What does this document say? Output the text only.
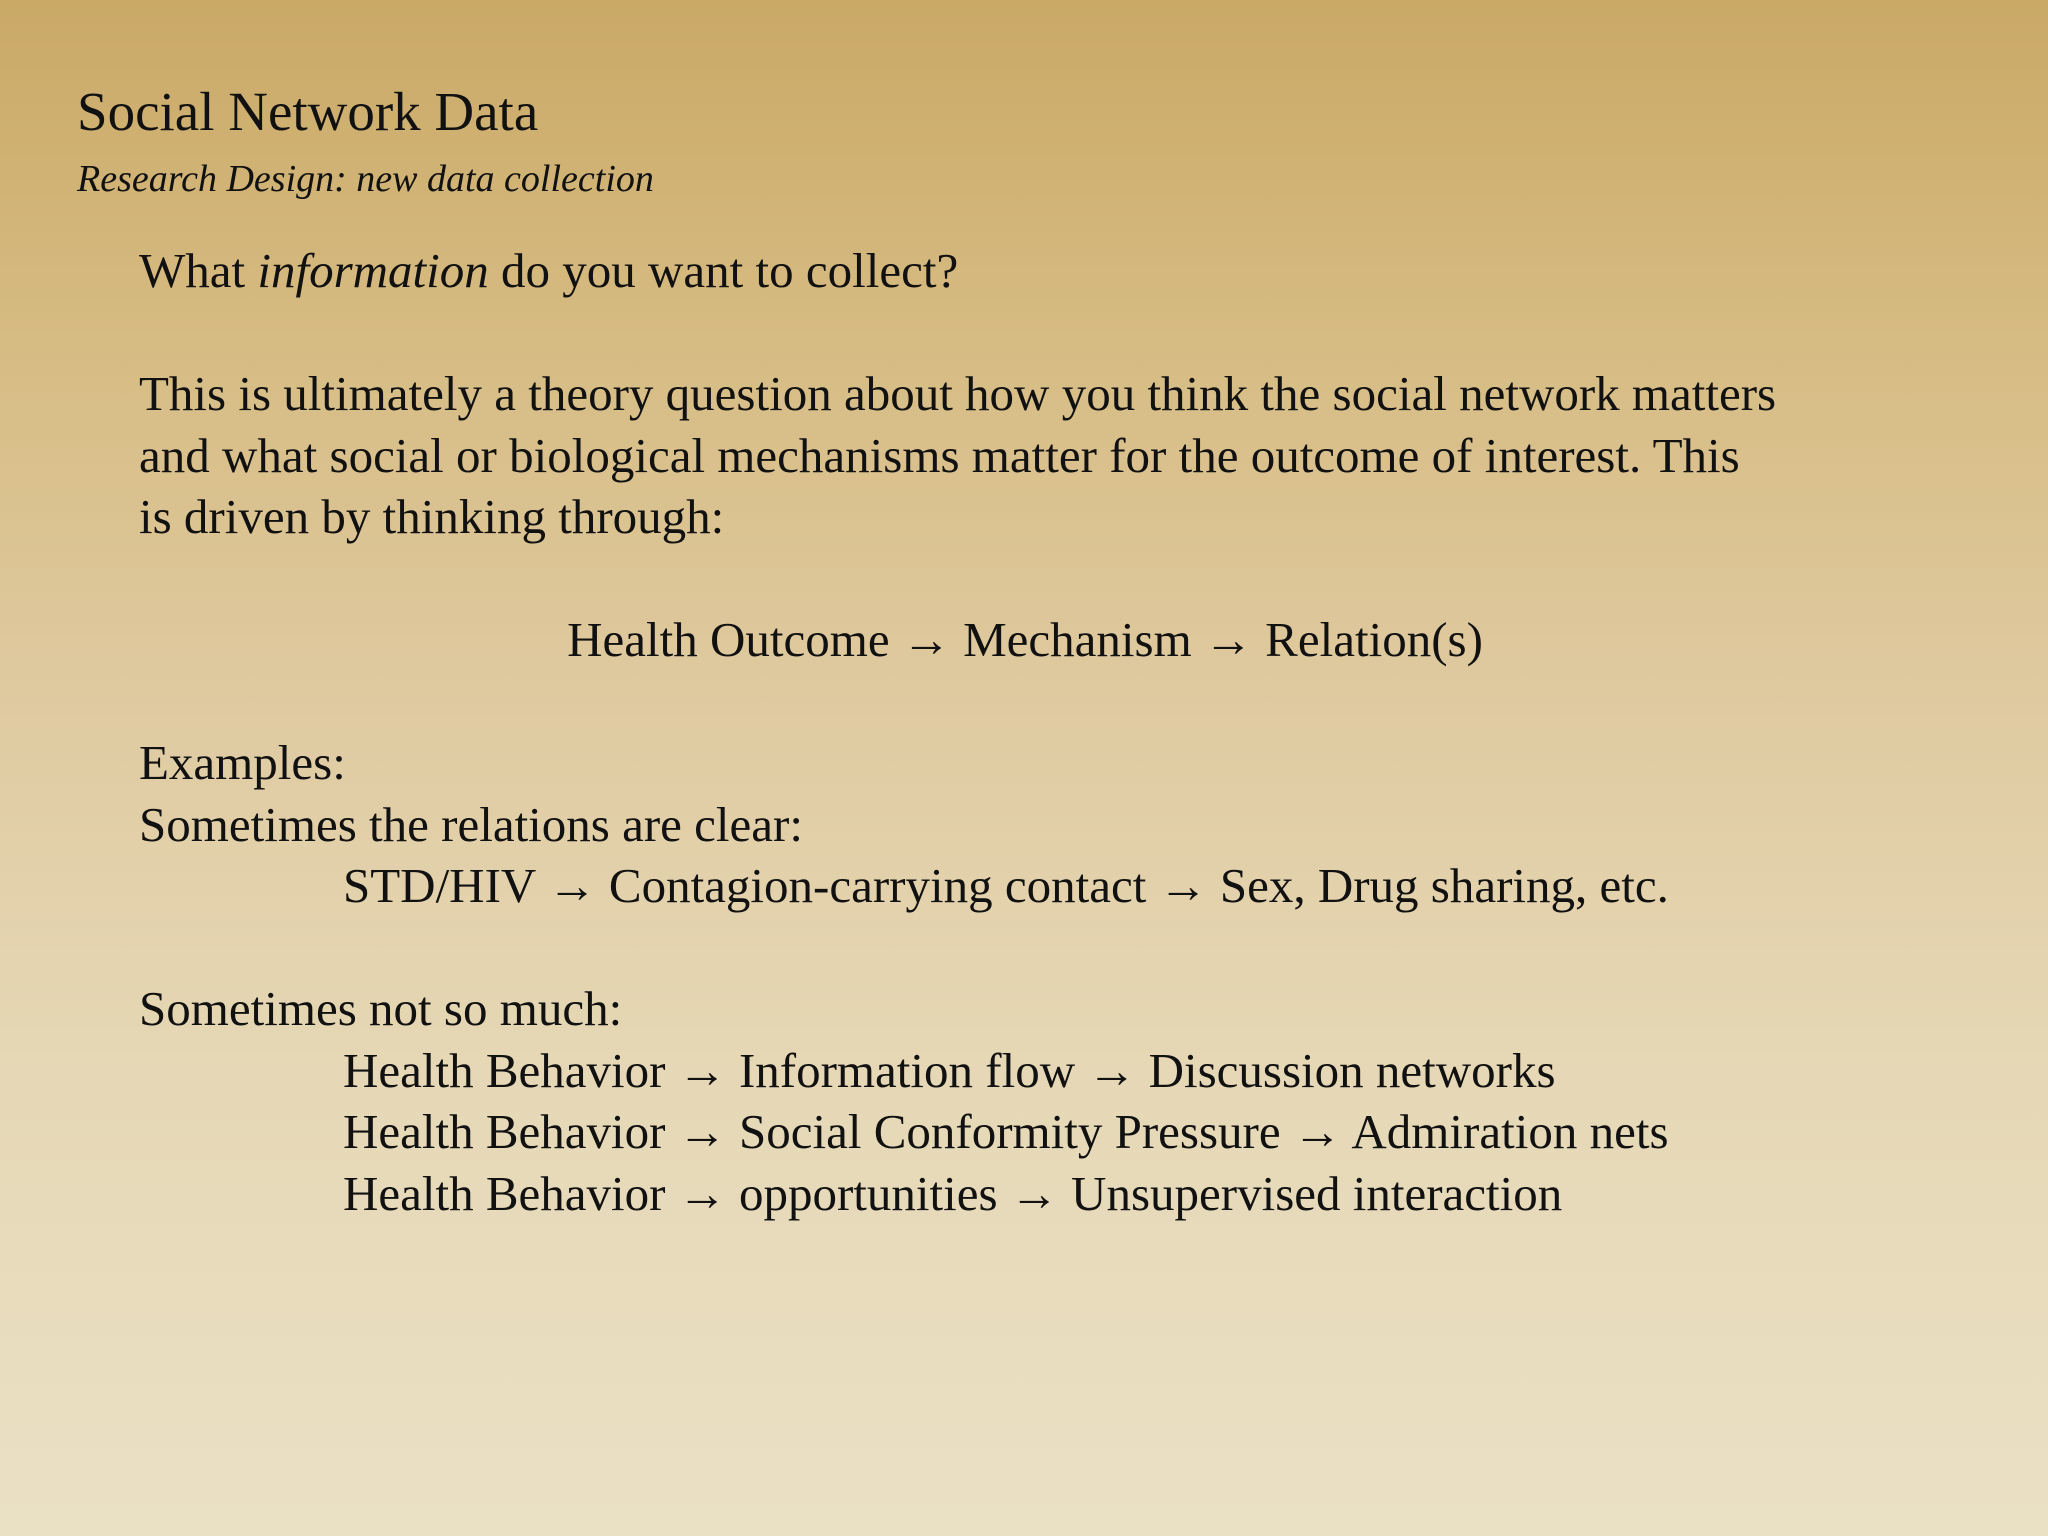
Social Network Data
Research Design: new data collection
What information do you want to collect?
This is ultimately a theory question about how you think the social network matters
and what social or biological mechanisms matter for the outcome of interest. This
is driven by thinking through:
Health Outcome → Mechanism → Relation(s)
Examples:
Sometimes the relations are clear:
STD/HIV → Contagion-carrying contact → Sex, Drug sharing, etc.
Sometimes not so much:
Health Behavior → Information flow → Discussion networks
Health Behavior → Social Conformity Pressure → Admiration nets
Health Behavior → opportunities → Unsupervised interaction
